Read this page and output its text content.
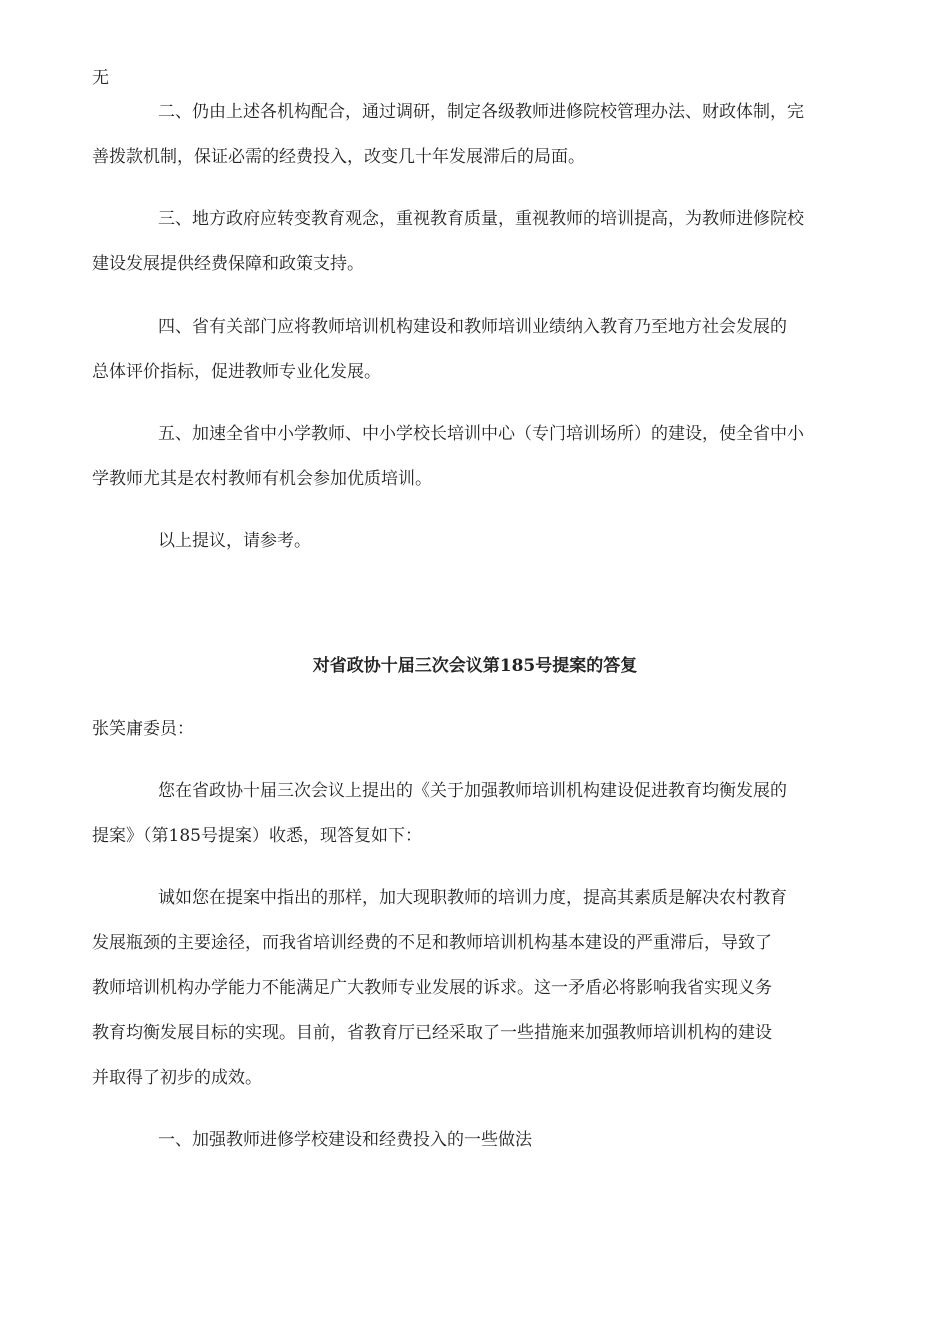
无
二、仍由上述各机构配合，通过调研，制定各级教师进修院校管理办法、财政体制，完
善拨款机制，保证必需的经费投入，改变几十年发展滞后的局面。
三、地方政府应转变教育观念，重视教育质量，重视教师的培训提高，为教师进修院校
建设发展提供经费保障和政策支持。
四、省有关部门应将教师培训机构建设和教师培训业绩纳入教育乃至地方社会发展的
总体评价指标，促进教师专业化发展。
五、加速全省中小学教师、中小学校长培训中心（专门培训场所）的建设，使全省中小
学教师尤其是农村教师有机会参加优质培训。
以上提议，请参考。
对省政协十届三次会议第185号提案的答复
张笑庸委员：
您在省政协十届三次会议上提出的《关于加强教师培训机构建设促进教育均衡发展的
提案》（第185号提案）收悉，现答复如下：
诚如您在提案中指出的那样，加大现职教师的培训力度，提高其素质是解决农村教育
发展瓶颈的主要途径，而我省培训经费的不足和教师培训机构基本建设的严重滞后，导致了
教师培训机构办学能力不能满足广大教师专业发展的诉求。这一矛盾必将影响我省实现义务
教育均衡发展目标的实现。目前，省教育厅已经采取了一些措施来加强教师培训机构的建设
并取得了初步的成效。
一、加强教师进修学校建设和经费投入的一些做法
